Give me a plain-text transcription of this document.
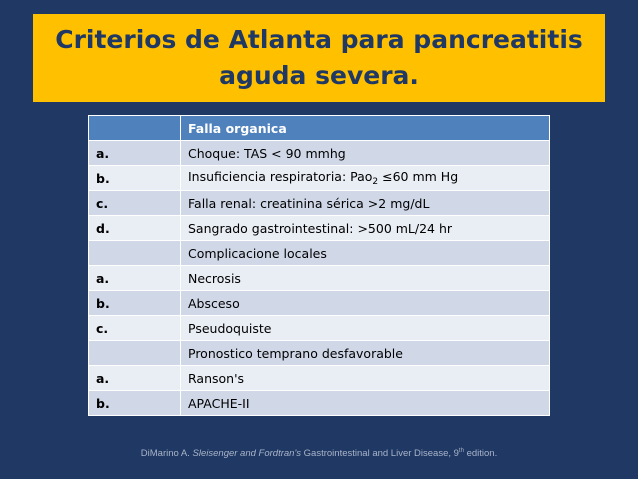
Criterios de Atlanta para pancreatitis
aguda severa.
	Falla organica
a.	Choque: TAS < 90 mmhg
b.	Insuficiencia respiratoria: Pao$_2$ ≤60 mm Hg
c.	Falla renal: creatinina sérica >2 mg/dL
d.	Sangrado gastrointestinal: >500 mL/24 hr
	Complicacione locales
a.	Necrosis
b.	Absceso
c.	Pseudoquiste
	Pronostico temprano desfavorable
a.	Ranson's
b.	APACHE-II
DiMarino A. Sleisenger and Fordtran's Gastrointestinal and Liver Disease, 9th edition.
